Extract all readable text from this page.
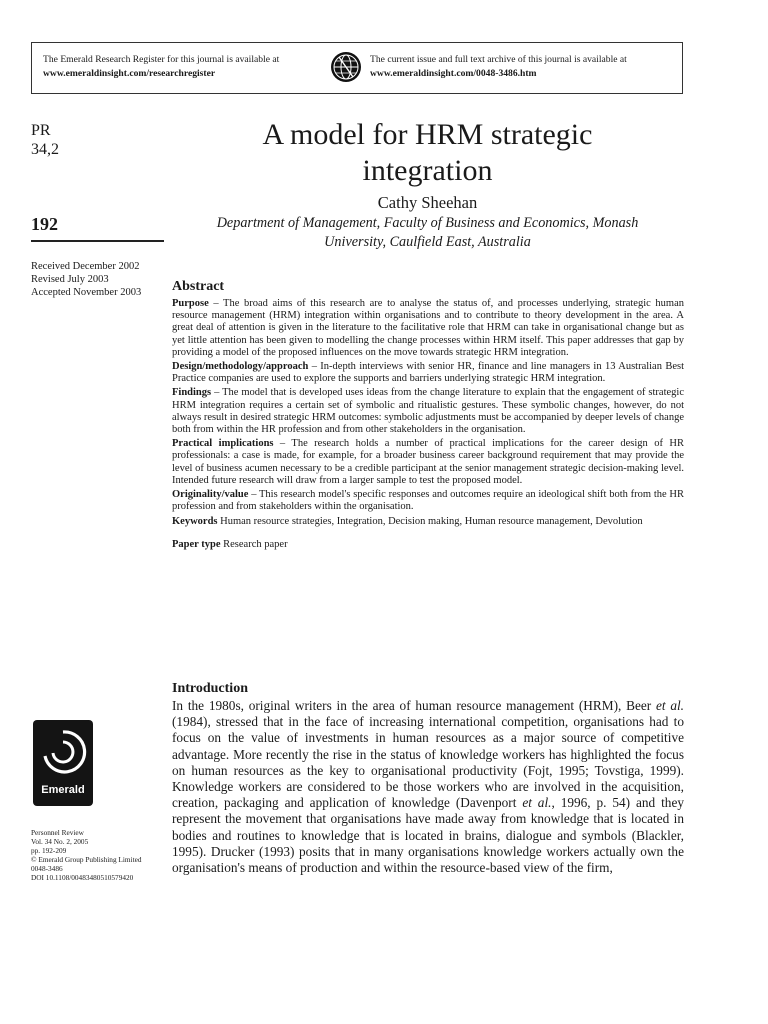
The Emerald Research Register for this journal is available at
www.emeraldinsight.com/researchregister
The current issue and full text archive of this journal is available at
www.emeraldinsight.com/0048-3486.htm
PR
34,2
192
Received December 2002
Revised July 2003
Accepted November 2003
A model for HRM strategic
integration
Cathy Sheehan
Department of Management, Faculty of Business and Economics, Monash
University, Caulfield East, Australia
Abstract

Purpose – The broad aims of this research are to analyse the status of, and processes underlying, strategic human resource management (HRM) integration within organisations and to contribute to theory development in the area. A great deal of attention is given in the literature to the facilitative role that HRM can take in organisational change but as yet little attention has been given to modelling the change processes within HRM itself. This paper addresses that gap by providing a model of the proposed influences on the move towards strategic HRM integration.

Design/methodology/approach – In-depth interviews with senior HR, finance and line managers in 13 Australian Best Practice companies are used to explore the supports and barriers underlying strategic HRM integration.

Findings – The model that is developed uses ideas from the change literature to explain that the engagement of strategic HRM integration requires a certain set of symbolic and ritualistic gestures. These symbolic changes, however, do not always result in desired strategic HRM outcomes: symbolic adjustments must be accompanied by deeper levels of change both from within the HR profession and from other stakeholders in the organisation.

Practical implications – The research holds a number of practical implications for the career design of HR professionals: a case is made, for example, for a broader business career background requirement that may provide the level of business acumen necessary to be a credible participant at the senior management strategic decision-making level. Intended future research will draw from a larger sample to test the proposed model.

Originality/value – This research model's specific responses and outcomes require an ideological shift both from the HR profession and from stakeholders within the organisation.

Keywords Human resource strategies, Integration, Decision making, Human resource management, Devolution

Paper type Research paper

Introduction
In the 1980s, original writers in the area of human resource management (HRM), Beer et al. (1984), stressed that in the face of increasing international competition, organisations had to focus on the value of investments in human resources as a major source of competitive advantage. More recently the rise in the status of knowledge workers has highlighted the focus on human resources as the key to organisational productivity (Fojt, 1995; Tovstiga, 1999). Knowledge workers are considered to be those workers who are involved in the acquisition, creation, packaging and application of knowledge (Davenport et al., 1996, p. 54) and they represent the movement that organisations have made away from knowledge that is located in bodies and routines to knowledge that is located in brains, dialogue and symbols (Blackler, 1995). Drucker (1993) posits that in many organisations knowledge workers actually own the organisation's means of production and within the resource-based view of the firm,
Emerald
Personnel Review
Vol. 34 No. 2, 2005
pp. 192-209
© Emerald Group Publishing Limited
0048-3486
DOI 10.1108/00483480510579420
